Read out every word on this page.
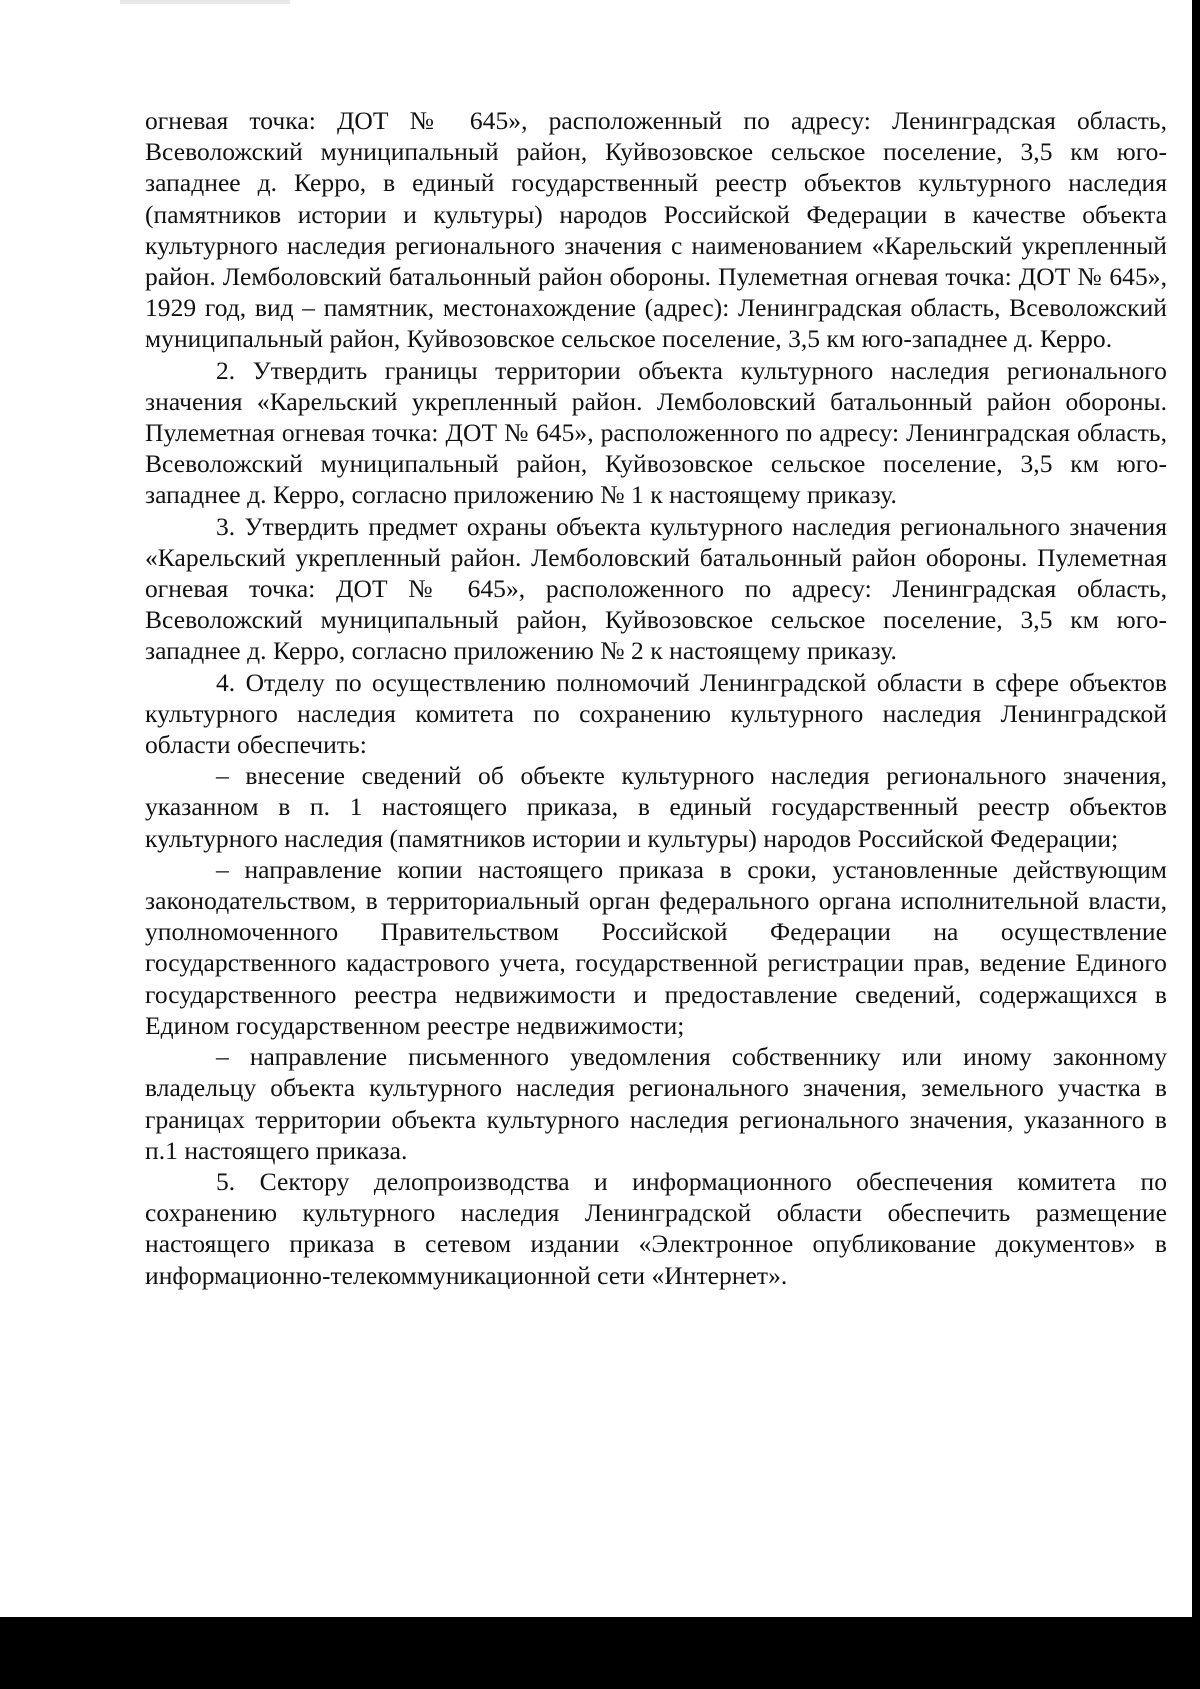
огневая точка: ДОТ № 645», расположенный по адресу: Ленинградская область, Всеволожский муниципальный район, Куйвозовское сельское поселение, 3,5 км юго-западнее д. Керро, в единый государственный реестр объектов культурного наследия (памятников истории и культуры) народов Российской Федерации в качестве объекта культурного наследия регионального значения с наименованием «Карельский укрепленный район. Лемболовский батальонный район обороны. Пулеметная огневая точка: ДОТ № 645», 1929 год, вид – памятник, местонахождение (адрес): Ленинградская область, Всеволожский муниципальный район, Куйвозовское сельское поселение, 3,5 км юго-западнее д. Керро.

2. Утвердить границы территории объекта культурного наследия регионального значения «Карельский укрепленный район. Лемболовский батальонный район обороны. Пулеметная огневая точка: ДОТ № 645», расположенного по адресу: Ленинградская область, Всеволожский муниципальный район, Куйвозовское сельское поселение, 3,5 км юго-западнее д. Керро, согласно приложению № 1 к настоящему приказу.

3. Утвердить предмет охраны объекта культурного наследия регионального значения «Карельский укрепленный район. Лемболовский батальонный район обороны. Пулеметная огневая точка: ДОТ № 645», расположенного по адресу: Ленинградская область, Всеволожский муниципальный район, Куйвозовское сельское поселение, 3,5 км юго-западнее д. Керро, согласно приложению № 2 к настоящему приказу.

4. Отделу по осуществлению полномочий Ленинградской области в сфере объектов культурного наследия комитета по сохранению культурного наследия Ленинградской области обеспечить:

– внесение сведений об объекте культурного наследия регионального значения, указанном в п. 1 настоящего приказа, в единый государственный реестр объектов культурного наследия (памятников истории и культуры) народов Российской Федерации;

– направление копии настоящего приказа в сроки, установленные действующим законодательством, в территориальный орган федерального органа исполнительной власти, уполномоченного Правительством Российской Федерации на осуществление государственного кадастрового учета, государственной регистрации прав, ведение Единого государственного реестра недвижимости и предоставление сведений, содержащихся в Едином государственном реестре недвижимости;

– направление письменного уведомления собственнику или иному законному владельцу объекта культурного наследия регионального значения, земельного участка в границах территории объекта культурного наследия регионального значения, указанного в п.1 настоящего приказа.

5. Сектору делопроизводства и информационного обеспечения комитета по сохранению культурного наследия Ленинградской области обеспечить размещение настоящего приказа в сетевом издании «Электронное опубликование документов» в информационно-телекоммуникационной сети «Интернет».
